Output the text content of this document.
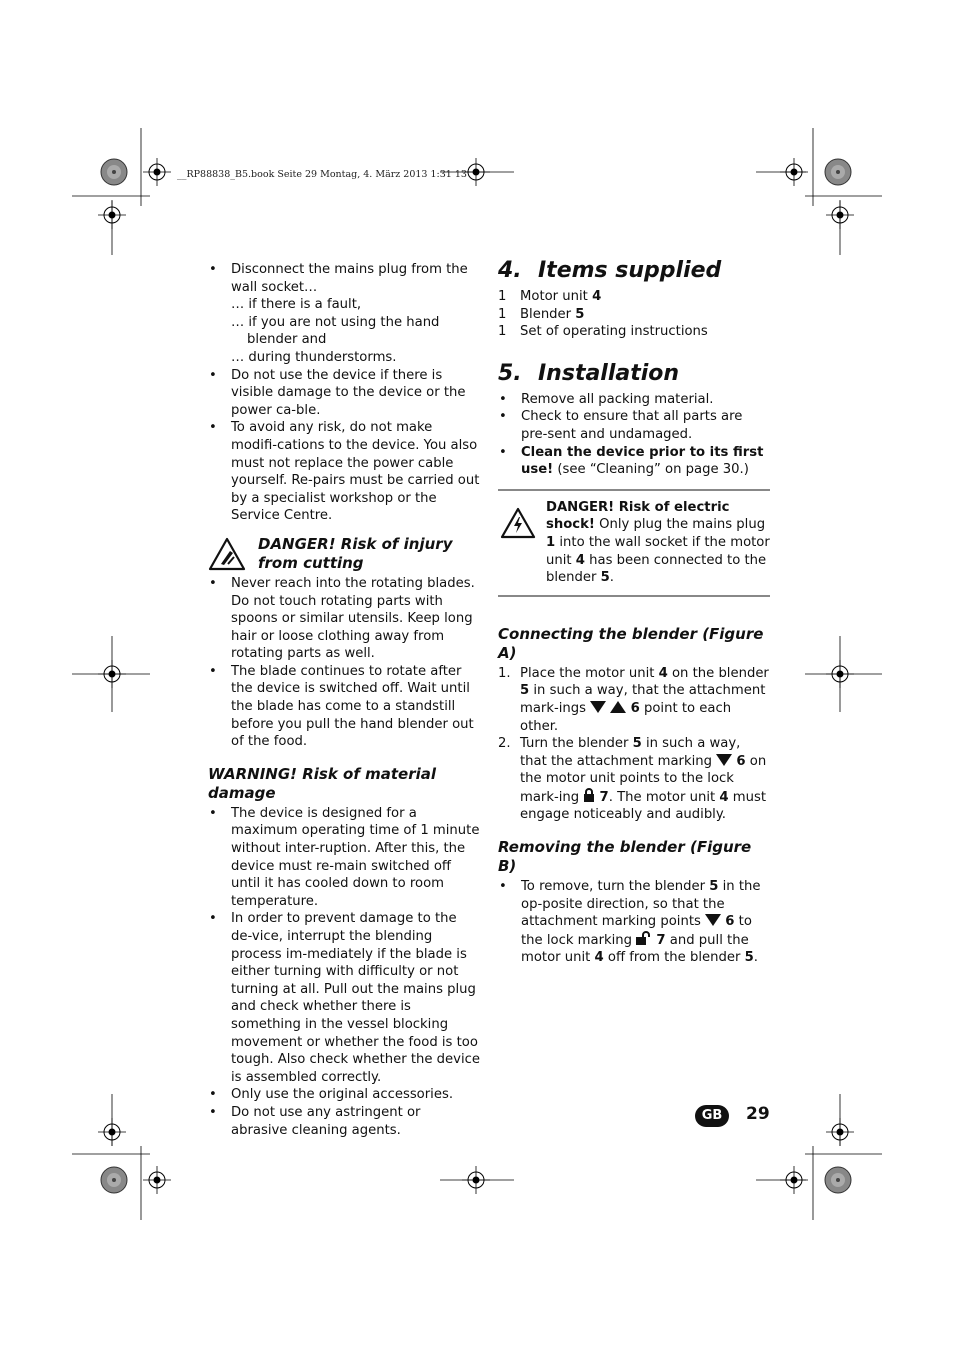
__RP88838_B5.book Seite 29 Montag, 4. März 2013 1:31 13
• Disconnect the mains plug from the wall socket…
… if there is a fault,
… if you are not using the hand blender and
… during thunderstorms.
• Do not use the device if there is visible damage to the device or the power ca-ble.
• To avoid any risk, do not make modifi-cations to the device. You also must not replace the power cable yourself. Re-pairs must be carried out by a specialist workshop or the Service Centre.
DANGER! Risk of injury from cutting
• Never reach into the rotating blades. Do not touch rotating parts with spoons or similar utensils. Keep long hair or loose clothing away from rotating parts as well.
• The blade continues to rotate after the device is switched off. Wait until the blade has come to a standstill before you pull the hand blender out of the food.
WARNING! Risk of material damage
• The device is designed for a maximum operating time of 1 minute without inter-ruption. After this, the device must re-main switched off until it has cooled down to room temperature.
• In order to prevent damage to the de-vice, interrupt the blending process im-mediately if the blade is either turning with difficulty or not turning at all. Pull out the mains plug and check whether there is something in the vessel blocking movement or whether the food is too tough. Also check whether the device is assembled correctly.
• Only use the original accessories.
• Do not use any astringent or abrasive cleaning agents.
4. Items supplied
1 Motor unit 4
1 Blender 5
1 Set of operating instructions
5. Installation
• Remove all packing material.
• Check to ensure that all parts are pre-sent and undamaged.
• Clean the device prior to its first use! (see “Cleaning” on page 30.)
DANGER! Risk of electric shock! Only plug the mains plug 1 into the wall socket if the motor unit 4 has been connected to the blender 5.
Connecting the blender (Figure A)
1. Place the motor unit 4 on the blender 5 in such a way, that the attachment mark-ings	6 point to each other.
2. Turn the blender 5 in such a way, that the attachment marking  6 on the motor unit points to the lock mark-ing  7. The motor unit 4 must engage noticeably and audibly.
Removing the blender (Figure B)
• To remove, turn the blender 5 in the op-posite direction, so that the attachment marking points  6 to the lock marking  7 and pull the motor unit 4 off from the blender 5.
GB	29
